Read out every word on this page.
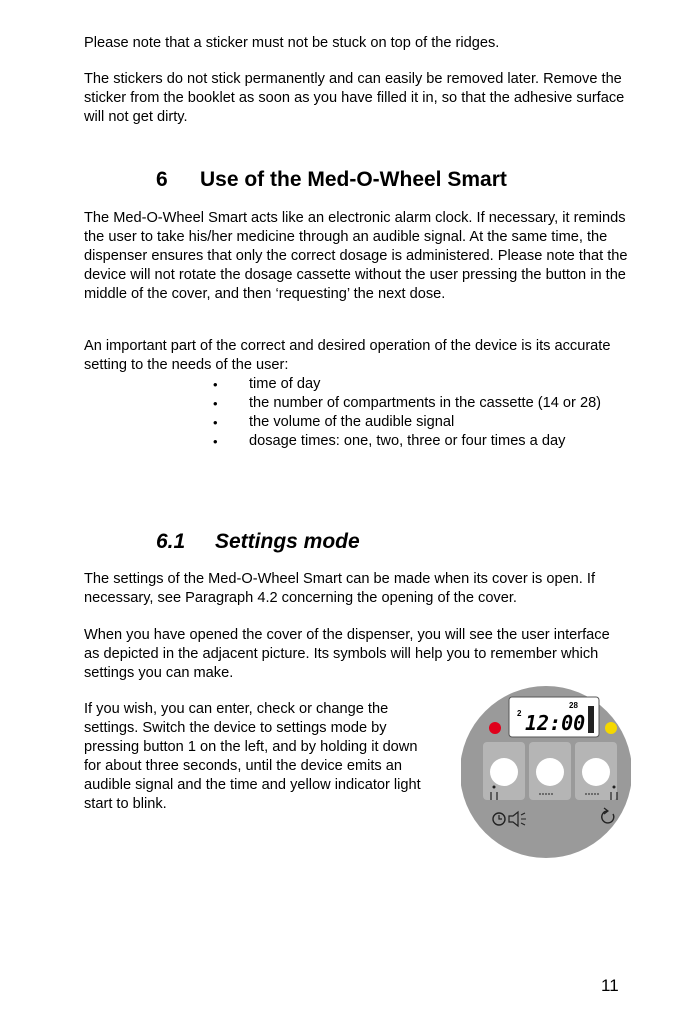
Please note that a sticker must not be stuck on top of the ridges.

The stickers do not stick permanently and can easily be removed later. Remove the sticker from the booklet as soon as you have filled it in, so that the adhesive surface will not get dirty.

6 Use of the Med-O-Wheel Smart

The Med-O-Wheel Smart acts like an electronic alarm clock. If necessary, it reminds the user to take his/her medicine through an audible signal. At the same time, the dispenser ensures that only the correct dosage is administered. Please note that the device will not rotate the dosage cassette without the user pressing the button in the middle of the cover, and then ‘requesting’ the next dose.

An important part of the correct and desired operation of the device is its accurate setting to the needs of the user:

• time of day
• the number of compartments in the cassette (14 or 28)
• the volume of the audible signal
• dosage times: one, two, three or four times a day
6.1 Settings mode

The settings of the Med-O-Wheel Smart can be made when its cover is open. If necessary, see Paragraph 4.2 concerning the opening of the cover.

When you have opened the cover of the dispenser, you will see the user interface as depicted in the adjacent picture. Its symbols will help you to remember which settings you can make.

If you wish, you can enter, check or change the settings. Switch the device to settings mode by pressing button 1 on the left, and by holding it down for about three seconds, until the device emits an audible signal and the time and yellow indicator light start to blink.

2
28
12:00
11
